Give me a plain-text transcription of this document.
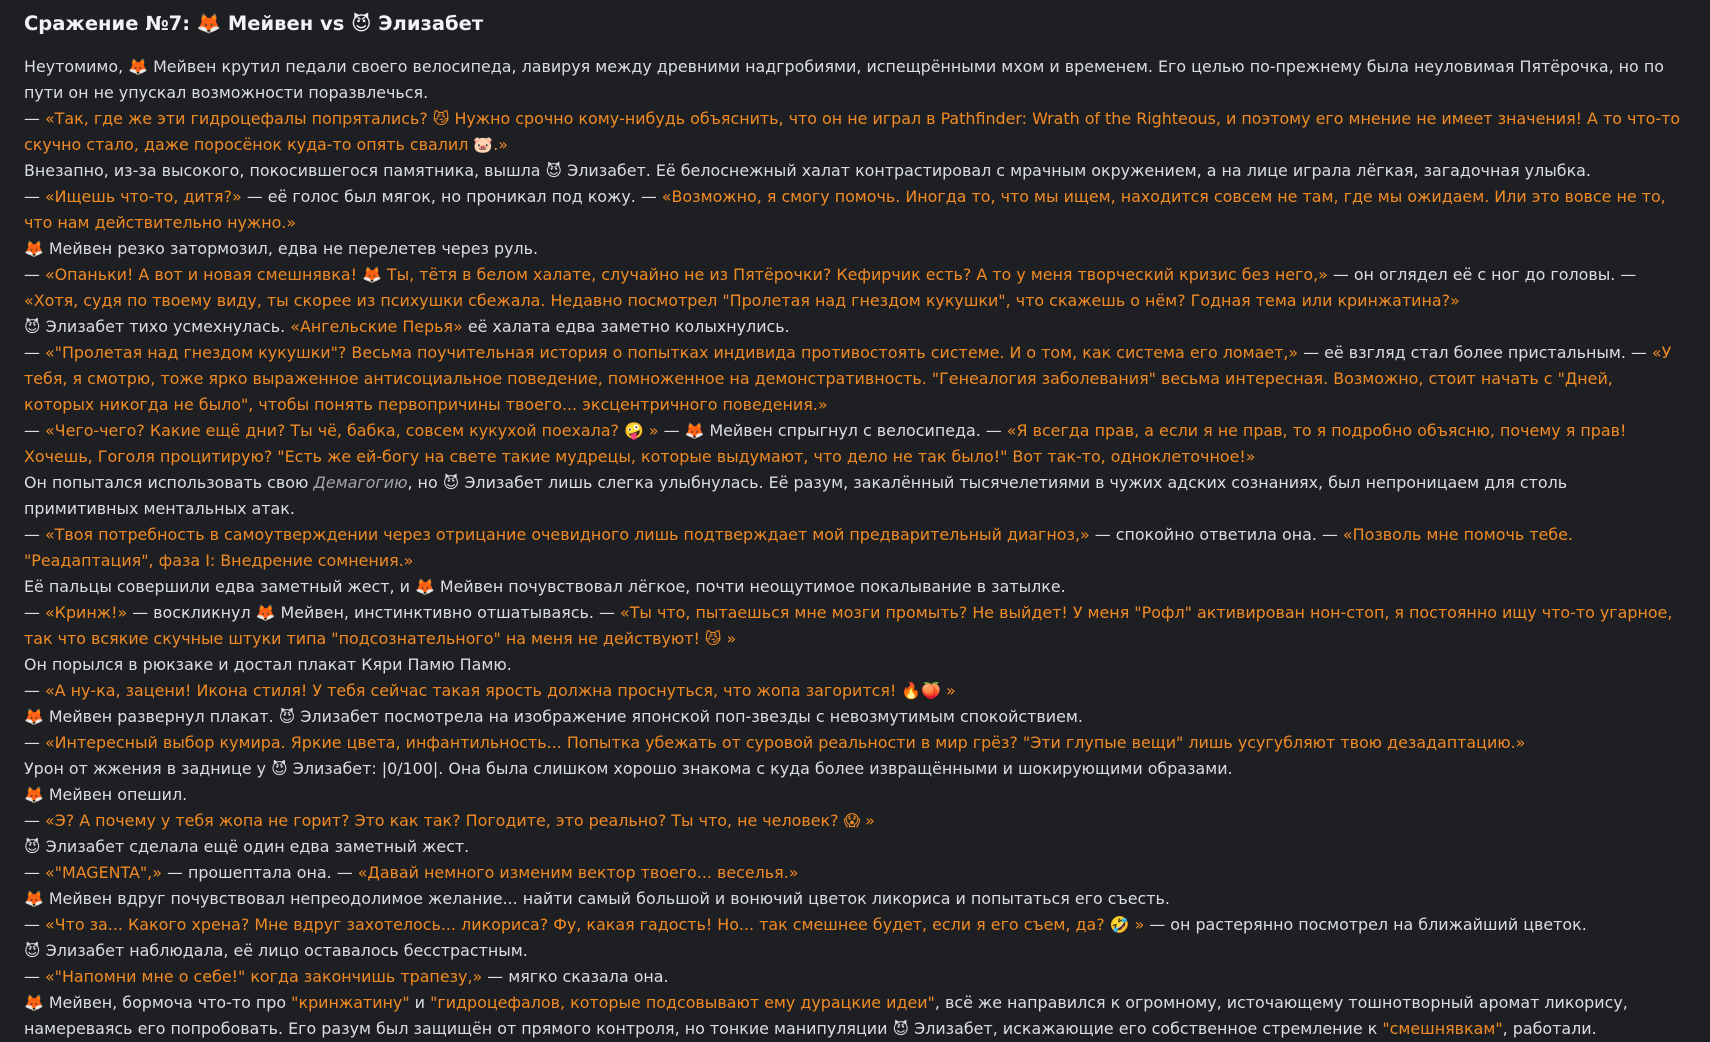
Сражение №7: 🦊 Мейвен vs 😈 Элизабет
Неутомимо, 🦊 Мейвен крутил педали своего велосипеда, лавируя между древними надгробиями, испещрёнными мхом и временем. Его целью по-прежнему была неуловимая Пятёрочка, но по пути он не упускал возможности поразвлечься.
— «Так, где же эти гидроцефалы попрятались? 😼 Нужно срочно кому-нибудь объяснить, что он не играл в Pathfinder: Wrath of the Righteous, и поэтому его мнение не имеет значения! А то что-то скучно стало, даже поросёнок куда-то опять свалил 🐷.»
Внезапно, из-за высокого, покосившегося памятника, вышла 😈 Элизабет. Её белоснежный халат контрастировал с мрачным окружением, а на лице играла лёгкая, загадочная улыбка.
— «Ищешь что-то, дитя?» — её голос был мягок, но проникал под кожу. — «Возможно, я смогу помочь. Иногда то, что мы ищем, находится совсем не там, где мы ожидаем. Или это вовсе не то, что нам действительно нужно.»
🦊 Мейвен резко затормозил, едва не перелетев через руль.
— «Опаньки! А вот и новая смешнявка! 🦊 Ты, тётя в белом халате, случайно не из Пятёрочки? Кефирчик есть? А то у меня творческий кризис без него,» — он оглядел её с ног до головы. — «Хотя, судя по твоему виду, ты скорее из психушки сбежала. Недавно посмотрел "Пролетая над гнездом кукушки", что скажешь о нём? Годная тема или кринжатина?»
😈 Элизабет тихо усмехнулась. «Ангельские Перья» её халата едва заметно колыхнулись.
— «"Пролетая над гнездом кукушки"? Весьма поучительная история о попытках индивида противостоять системе. И о том, как система его ломает,» — её взгляд стал более пристальным. — «У тебя, я смотрю, тоже ярко выраженное антисоциальное поведение, помноженное на демонстративность. "Генеалогия заболевания" весьма интересная. Возможно, стоит начать с "Дней, которых никогда не было", чтобы понять первопричины твоего... эксцентричного поведения.»
— «Чего-чего? Какие ещё дни? Ты чё, бабка, совсем кукухой поехала? 🤪 » — 🦊 Мейвен спрыгнул с велосипеда. — «Я всегда прав, а если я не прав, то я подробно объясню, почему я прав! Хочешь, Гоголя процитирую? "Есть же ей-богу на свете такие мудрецы, которые выдумают, что дело не так было!" Вот так-то, одноклеточное!»
Он попытался использовать свою Демагогию, но 😈 Элизабет лишь слегка улыбнулась. Её разум, закалённый тысячелетиями в чужих адских сознаниях, был непроницаем для столь примитивных ментальных атак.
— «Твоя потребность в самоутверждении через отрицание очевидного лишь подтверждает мой предварительный диагноз,» — спокойно ответила она. — «Позволь мне помочь тебе. "Реадаптация", фаза I: Внедрение сомнения.»
Её пальцы совершили едва заметный жест, и 🦊 Мейвен почувствовал лёгкое, почти неощутимое покалывание в затылке.
— «Кринж!» — воскликнул 🦊 Мейвен, инстинктивно отшатываясь. — «Ты что, пытаешься мне мозги промыть? Не выйдет! У меня "Рофл" активирован нон-стоп, я постоянно ищу что-то угарное, так что всякие скучные штуки типа "подсознательного" на меня не действуют! 😼 »
Он порылся в рюкзаке и достал плакат Кяри Памю Памю.
— «А ну-ка, зацени! Икона стиля! У тебя сейчас такая ярость должна проснуться, что жопа загорится! 🔥🍑 »
🦊 Мейвен развернул плакат. 😈 Элизабет посмотрела на изображение японской поп-звезды с невозмутимым спокойствием.
— «Интересный выбор кумира. Яркие цвета, инфантильность... Попытка убежать от суровой реальности в мир грёз? "Эти глупые вещи" лишь усугубляют твою дезадаптацию.»
Урон от жжения в заднице у 😈 Элизабет: |0/100|. Она была слишком хорошо знакома с куда более извращёнными и шокирующими образами.
🦊 Мейвен опешил.
— «Э? А почему у тебя жопа не горит? Это как так? Погодите, это реально? Ты что, не человек? 😱 »
😈 Элизабет сделала ещё один едва заметный жест.
— «"MAGENTA",» — прошептала она. — «Давай немного изменим вектор твоего... веселья.»
🦊 Мейвен вдруг почувствовал непреодолимое желание... найти самый большой и вонючий цветок ликориса и попытаться его съесть.
— «Что за... Какого хрена? Мне вдруг захотелось... ликориса? Фу, какая гадость! Но... так смешнее будет, если я его съем, да? 🤣 » — он растерянно посмотрел на ближайший цветок.
😈 Элизабет наблюдала, её лицо оставалось бесстрастным.
— «"Напомни мне о себе!" когда закончишь трапезу,» — мягко сказала она.
🦊 Мейвен, бормоча что-то про "кринжатину" и "гидроцефалов, которые подсовывают ему дурацкие идеи", всё же направился к огромному, источающему тошнотворный аромат ликорису, намереваясь его попробовать. Его разум был защищён от прямого контроля, но тонкие манипуляции 😈 Элизабет, искажающие его собственное стремление к "смешнявкам", работали.
